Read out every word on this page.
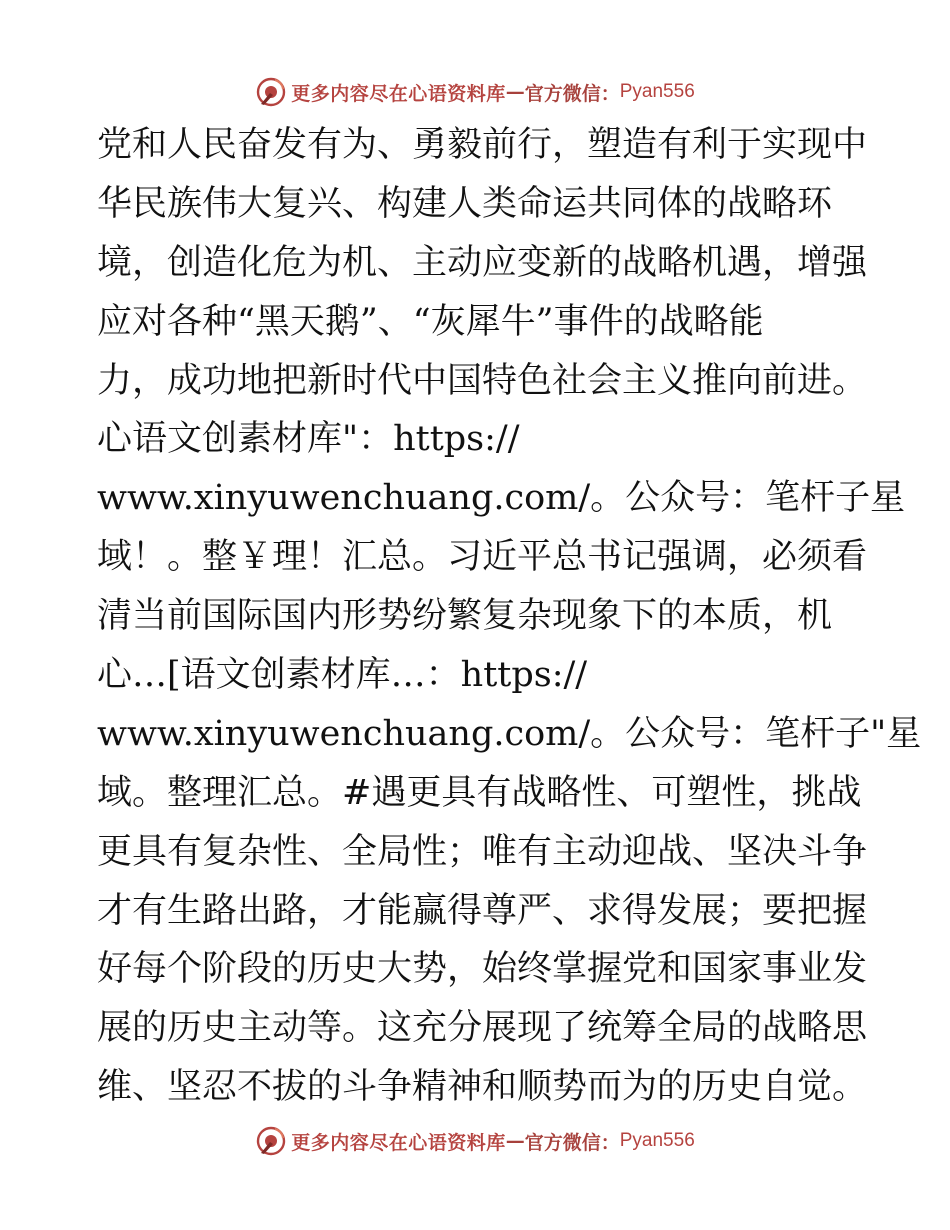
更多内容尽在心语资料库 — 官方微信： Pyan556
党和人民奋发有为、勇毅前行，塑造有利于实现中
华民族伟大复兴、构建人类命运共同体的战略环
境，创造化危为机、主动应变新的战略机遇，增强
应对各种“黑天鹅”、“灰犀牛”事件的战略能
力，成功地把新时代中国特色社会主义推向前进。
心语文创素材库"：https://
www.xinyuwenchuang.com/。公众号：笔杆子星
域！。整￥理！汇总。习近平总书记强调，必须看
清当前国际国内形势纷繁复杂现象下的本质，机
心…[语文创素材库…：https://
www.xinyuwenchuang.com/。公众号：笔杆子"星
域。整理汇总。#遇更具有战略性、可塑性，挑战
更具有复杂性、全局性；唯有主动迎战、坚决斗争
才有生路出路，才能赢得尊严、求得发展；要把握
好每个阶段的历史大势，始终掌握党和国家事业发
展的历史主动等。这充分展现了统筹全局的战略思
维、坚忍不拔的斗争精神和顺势而为的历史自觉。
更多内容尽在心语资料库 — 官方微信： Pyan556
